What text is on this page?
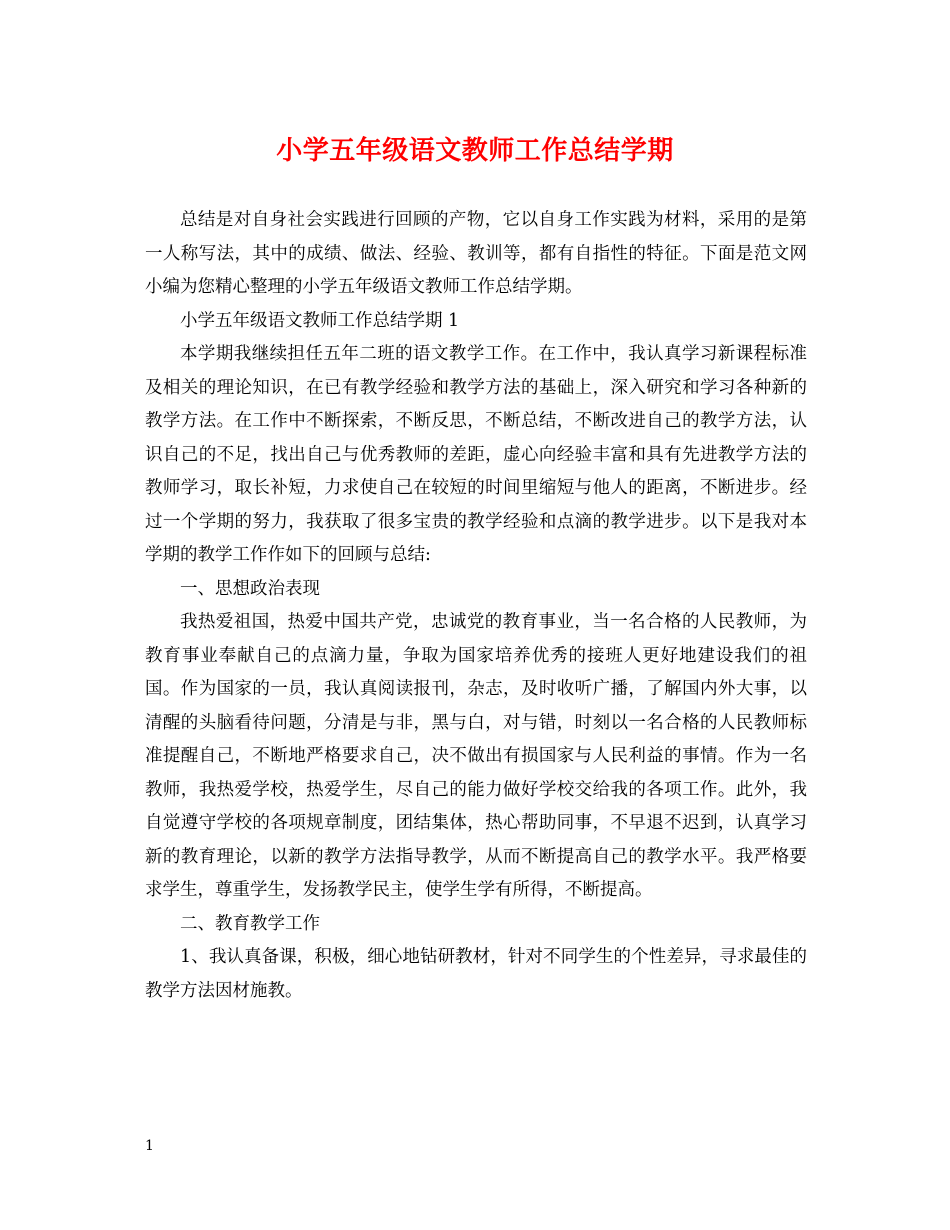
小学五年级语文教师工作总结学期

总结是对自身社会实践进行回顾的产物，它以自身工作实践为材料，采用的是第一人称写法，其中的成绩、做法、经验、教训等，都有自指性的特征。下面是范文网小编为您精心整理的小学五年级语文教师工作总结学期。

小学五年级语文教师工作总结学期 1

本学期我继续担任五年二班的语文教学工作。在工作中，我认真学习新课程标准及相关的理论知识，在已有教学经验和教学方法的基础上，深入研究和学习各种新的教学方法。在工作中不断探索，不断反思，不断总结，不断改进自己的教学方法，认识自己的不足，找出自己与优秀教师的差距，虚心向经验丰富和具有先进教学方法的教师学习，取长补短，力求使自己在较短的时间里缩短与他人的距离，不断进步。经过一个学期的努力，我获取了很多宝贵的教学经验和点滴的教学进步。以下是我对本学期的教学工作作如下的回顾与总结:

一、思想政治表现

我热爱祖国，热爱中国共产党，忠诚党的教育事业，当一名合格的人民教师，为教育事业奉献自己的点滴力量，争取为国家培养优秀的接班人更好地建设我们的祖国。作为国家的一员，我认真阅读报刊，杂志，及时收听广播，了解国内外大事，以清醒的头脑看待问题，分清是与非，黑与白，对与错，时刻以一名合格的人民教师标准提醒自己，不断地严格要求自己，决不做出有损国家与人民利益的事情。作为一名教师，我热爱学校，热爱学生，尽自己的能力做好学校交给我的各项工作。此外，我自觉遵守学校的各项规章制度，团结集体，热心帮助同事，不早退不迟到，认真学习新的教育理论，以新的教学方法指导教学，从而不断提高自己的教学水平。我严格要求学生，尊重学生，发扬教学民主，使学生学有所得，不断提高。

二、教育教学工作

1、我认真备课，积极，细心地钻研教材，针对不同学生的个性差异，寻求最佳的教学方法因材施教。

1
